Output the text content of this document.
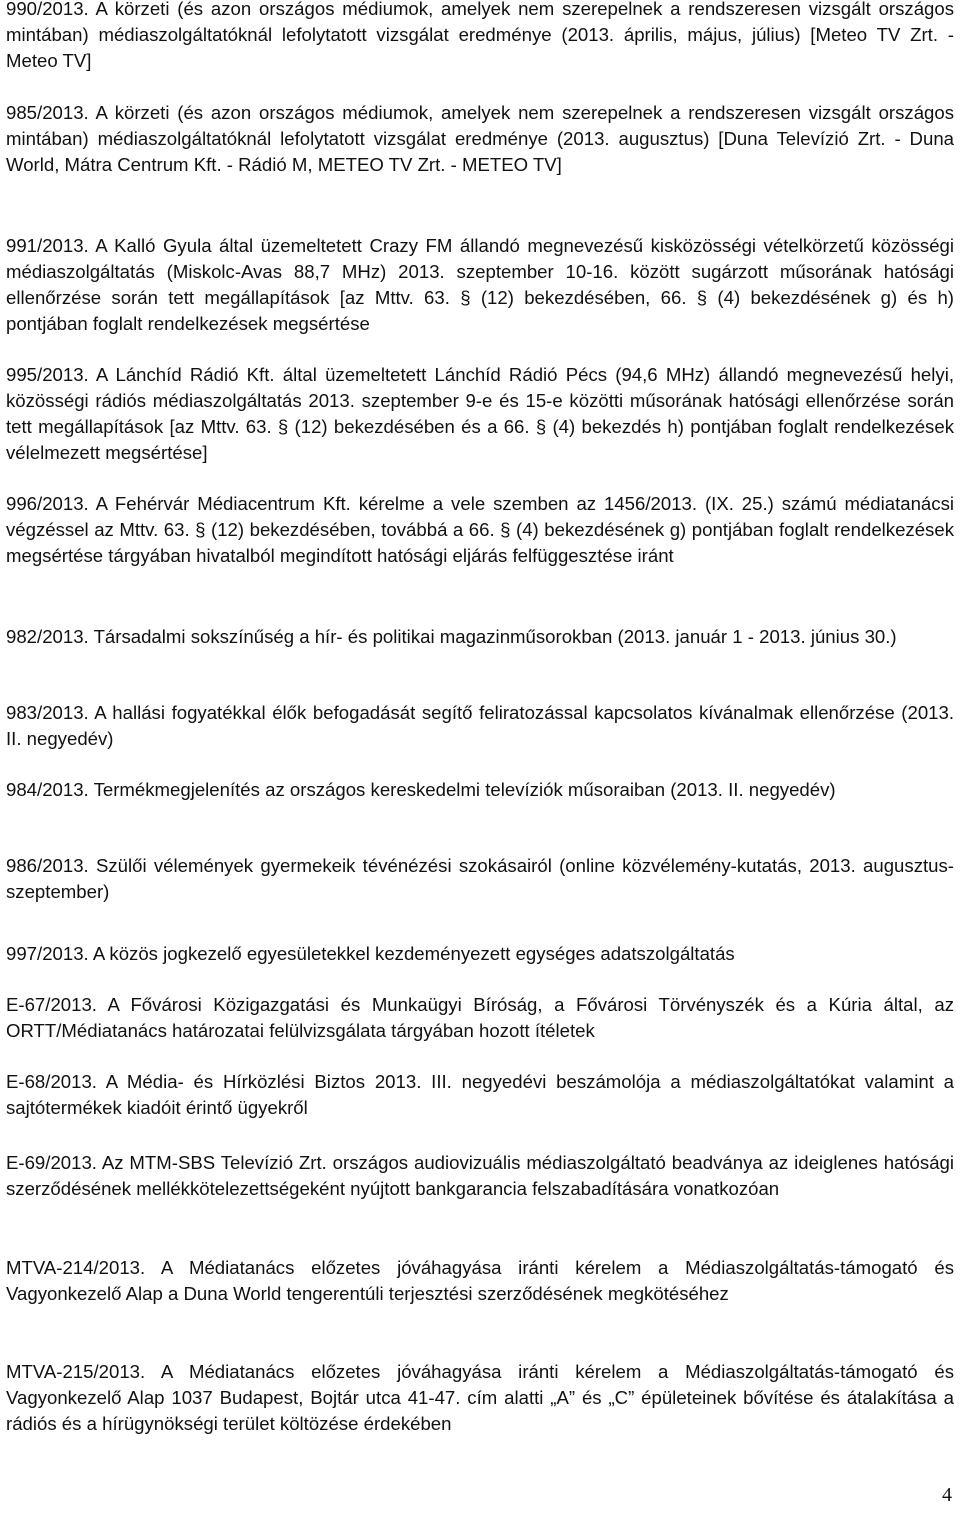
990/2013. A körzeti (és azon országos médiumok, amelyek nem szerepelnek a rendszeresen vizsgált országos mintában) médiaszolgáltatóknál lefolytatott vizsgálat eredménye (2013. április, május, július) [Meteo TV Zrt. - Meteo TV]

985/2013. A körzeti (és azon országos médiumok, amelyek nem szerepelnek a rendszeresen vizsgált országos mintában) médiaszolgáltatóknál lefolytatott vizsgálat eredménye (2013. augusztus) [Duna Televízió Zrt. - Duna World, Mátra Centrum Kft. - Rádió M, METEO TV Zrt. - METEO TV]

991/2013. A Kalló Gyula által üzemeltetett Crazy FM állandó megnevezésű kisközösségi vételkörzetű közösségi médiaszolgáltatás (Miskolc-Avas 88,7 MHz) 2013. szeptember 10-16. között sugárzott műsorának hatósági ellenőrzése során tett megállapítások [az Mttv. 63. § (12) bekezdésében, 66. § (4) bekezdésének g) és h) pontjában foglalt rendelkezések megsértése

995/2013. A Lánchíd Rádió Kft. által üzemeltetett Lánchíd Rádió Pécs (94,6 MHz) állandó megnevezésű helyi, közösségi rádiós médiaszolgáltatás 2013. szeptember 9-e és 15-e közötti műsorának hatósági ellenőrzése során tett megállapítások [az Mttv. 63. § (12) bekezdésében és a 66. § (4) bekezdés h) pontjában foglalt rendelkezések vélelmezett megsértése]

996/2013. A Fehérvár Médiacentrum Kft. kérelme a vele szemben az 1456/2013. (IX. 25.) számú médiatanácsi végzéssel az Mttv. 63. § (12) bekezdésében, továbbá a 66. § (4) bekezdésének g) pontjában foglalt rendelkezések megsértése tárgyában hivatalból megindított hatósági eljárás felfüggesztése iránt

982/2013. Társadalmi sokszínűség a hír- és politikai magazinműsorokban (2013. január 1 - 2013. június 30.)

983/2013. A hallási fogyatékkal élők befogadását segítő feliratozással kapcsolatos kívánalmak ellenőrzése (2013. II. negyedév)

984/2013. Termékmegjelenítés az országos kereskedelmi televíziók műsoraiban (2013. II. negyedév)

986/2013. Szülői vélemények gyermekeik tévénézési szokásairól (online közvélemény-kutatás, 2013. augusztus-szeptember)

997/2013. A közös jogkezelő egyesületekkel kezdeményezett egységes adatszolgáltatás

E-67/2013. A Fővárosi Közigazgatási és Munkaügyi Bíróság, a Fővárosi Törvényszék és a Kúria által, az ORTT/Médiatanács határozatai felülvizsgálata tárgyában hozott ítéletek

E-68/2013. A Média- és Hírközlési Biztos 2013. III. negyedévi beszámolója a médiaszolgáltatókat valamint a sajtótermékek kiadóit érintő ügyekről

E-69/2013. Az MTM-SBS Televízió Zrt. országos audiovizuális médiaszolgáltató beadványa az ideiglenes hatósági szerződésének mellékkötelezettségeként nyújtott bankgarancia felszabadítására vonatkozóan

MTVA-214/2013. A Médiatanács előzetes jóváhagyása iránti kérelem a Médiaszolgáltatás-támogató és Vagyonkezelő Alap a Duna World tengerentúli terjesztési szerződésének megkötéséhez

MTVA-215/2013. A Médiatanács előzetes jóváhagyása iránti kérelem a Médiaszolgáltatás-támogató és Vagyonkezelő Alap 1037 Budapest, Bojtár utca 41-47. cím alatti „A” és „C” épületeinek bővítése és átalakítása a rádiós és a hírügynökségi terület költözése érdekében

4
